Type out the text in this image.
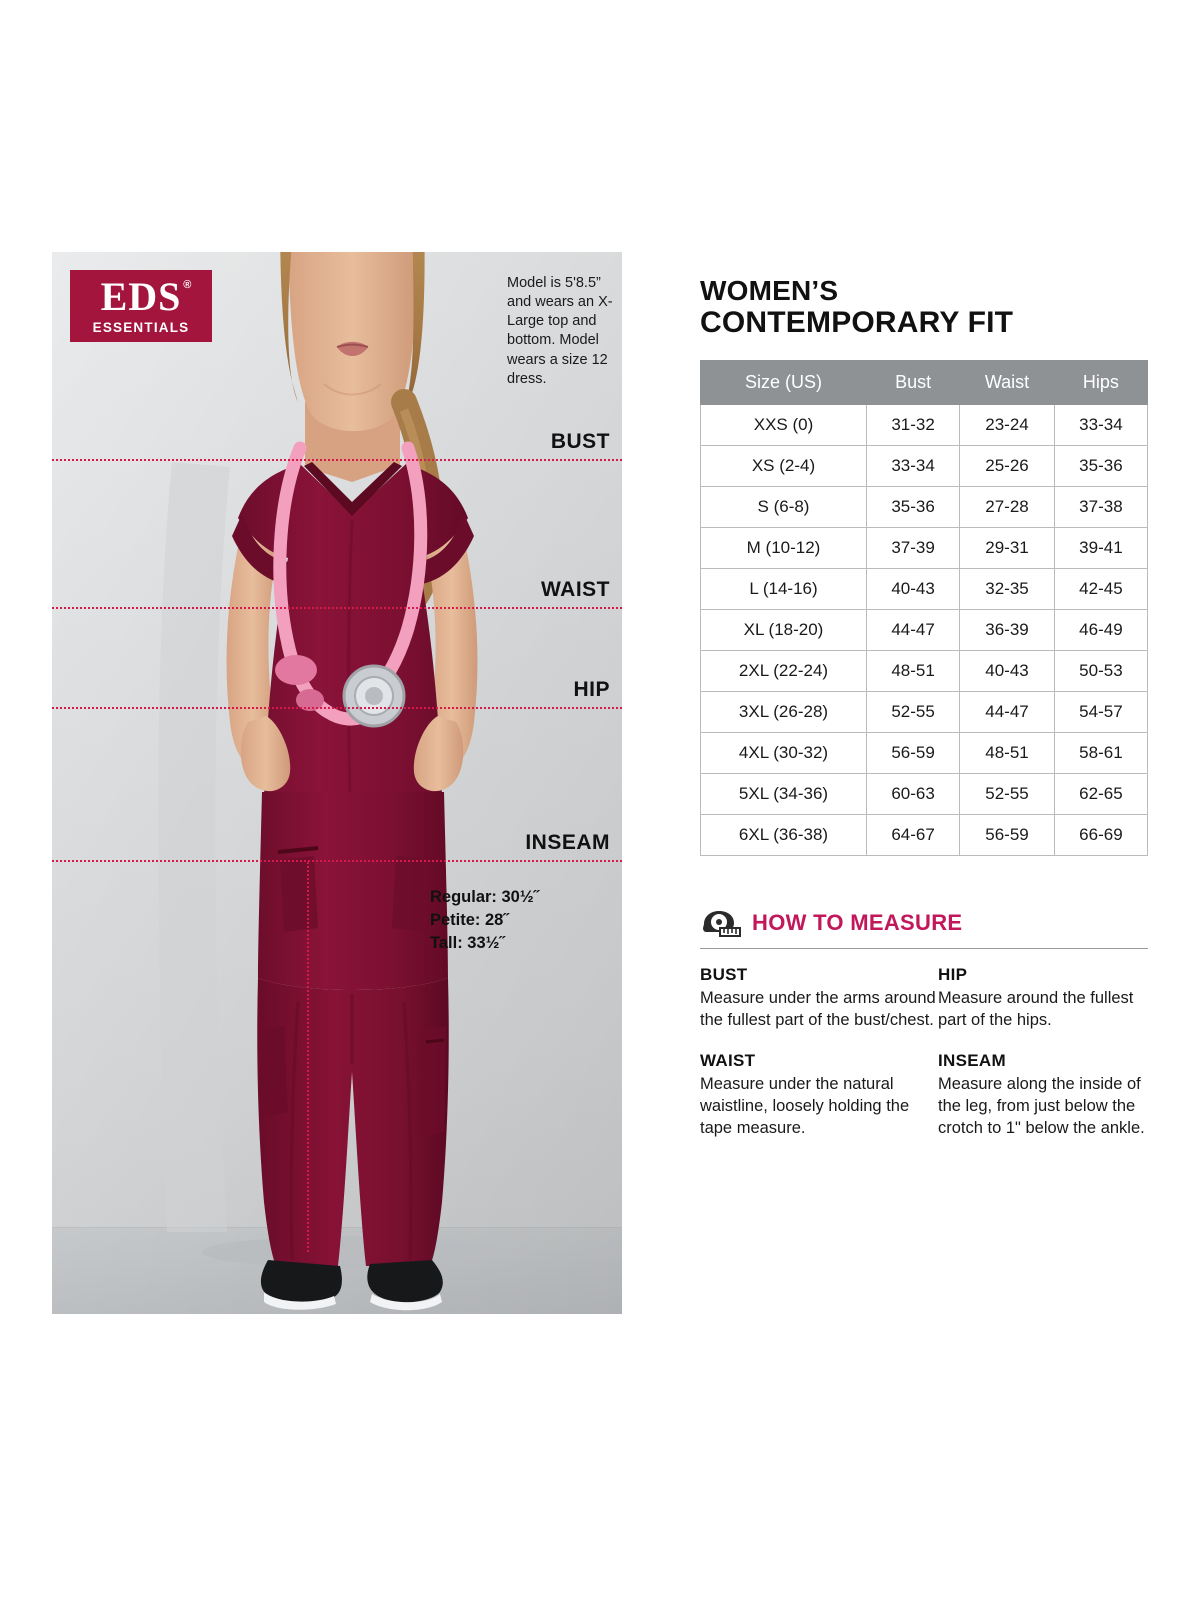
EDS ®
ESSENTIALS
Model is 5'8.5” and wears an X-Large top and bottom. Model wears a size 12 dress.
BUST
WAIST
HIP
INSEAM
Regular: 30½˝
Petite: 28˝
Tall: 33½˝
WOMEN’S
CONTEMPORARY FIT
Size (US)	Bust	Waist	Hips
XXS (0)	31-32	23-24	33-34
XS (2-4)	33-34	25-26	35-36
S (6-8)	35-36	27-28	37-38
M (10-12)	37-39	29-31	39-41
L (14-16)	40-43	32-35	42-45
XL (18-20)	44-47	36-39	46-49
2XL (22-24)	48-51	40-43	50-53
3XL (26-28)	52-55	44-47	54-57
4XL (30-32)	56-59	48-51	58-61
5XL (34-36)	60-63	52-55	62-65
6XL (36-38)	64-67	56-59	66-69
HOW TO MEASURE
BUST

Measure under the arms around the fullest part of the bust/chest.

HIP

Measure around the fullest part of the hips.

WAIST

Measure under the natural waistline, loosely holding the tape measure.

INSEAM

Measure along the inside of the leg, from just below the crotch to 1" below the ankle.
